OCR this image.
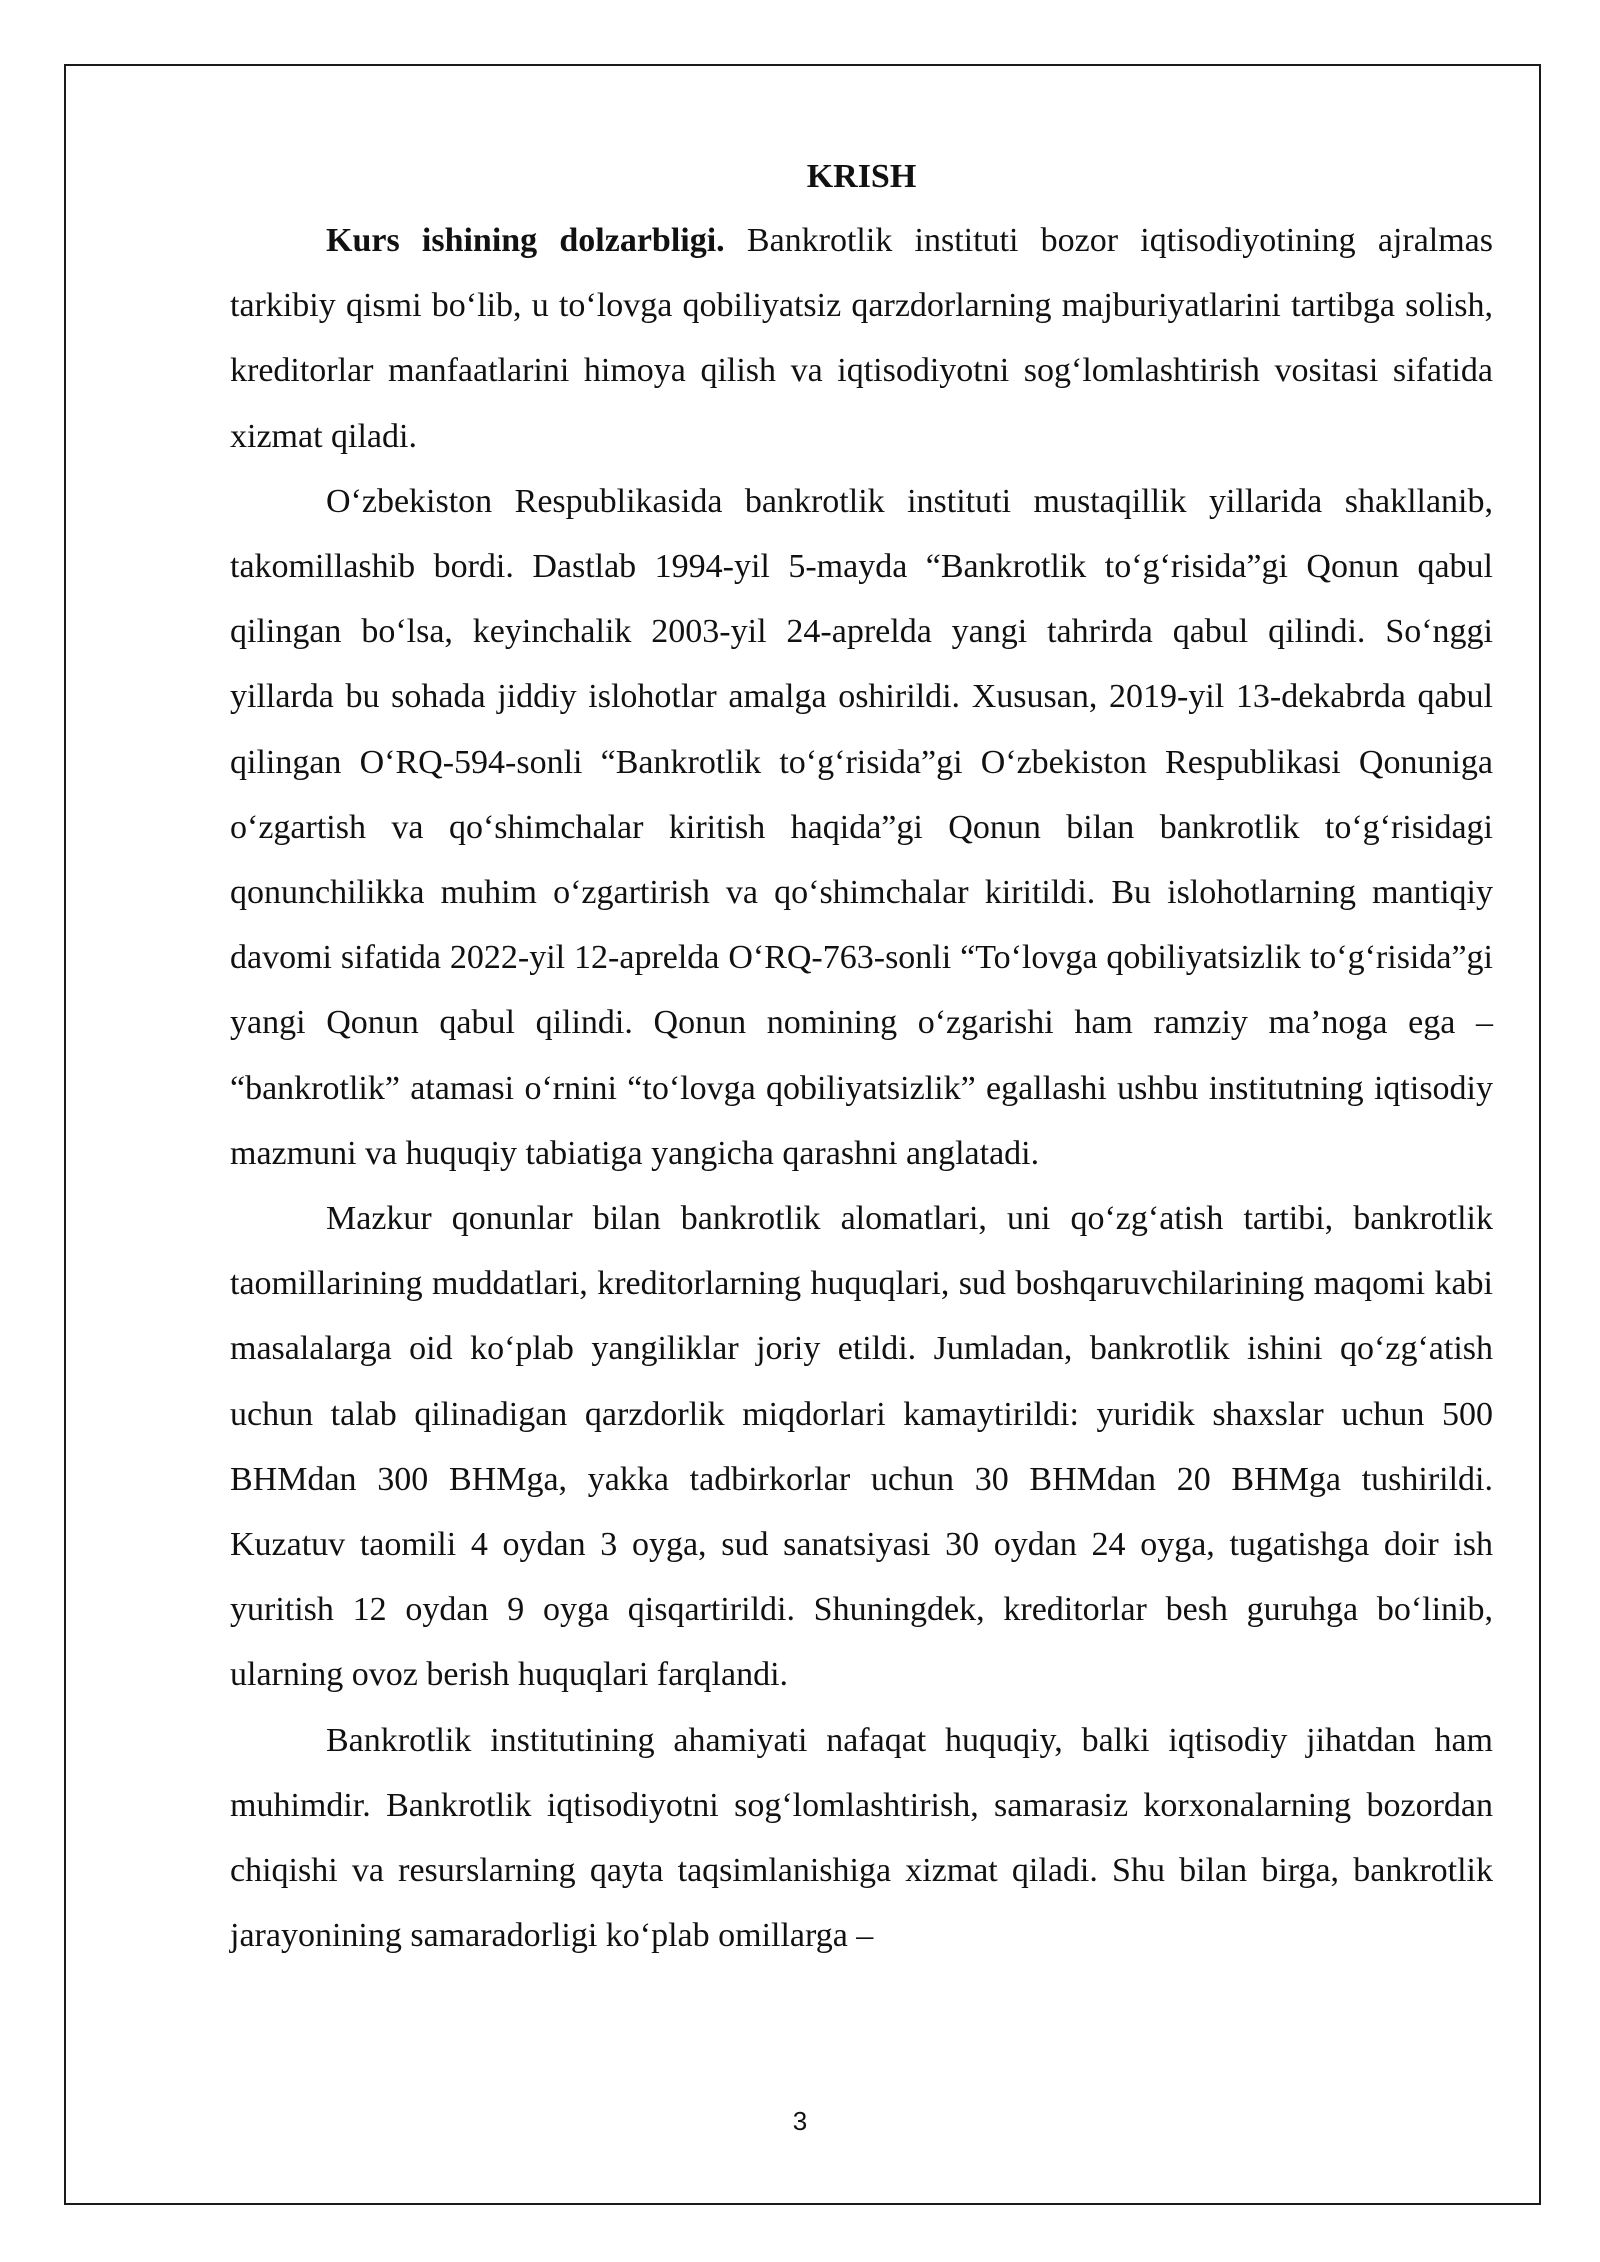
KRISH

Kurs ishining dolzarbligi. Bankrotlik instituti bozor iqtisodiyotining ajralmas tarkibiy qismi bo‘lib, u to‘lovga qobiliyatsiz qarzdorlarning majburiyatlarini tartibga solish, kreditorlar manfaatlarini himoya qilish va iqtisodiyotni sog‘lomlashtirish vositasi sifatida xizmat qiladi.

O‘zbekiston Respublikasida bankrotlik instituti mustaqillik yillarida shakllanib, takomillashib bordi. Dastlab 1994-yil 5-mayda “Bankrotlik to‘g‘risida”gi Qonun qabul qilingan bo‘lsa, keyinchalik 2003-yil 24-aprelda yangi tahrirda qabul qilindi. So‘nggi yillarda bu sohada jiddiy islohotlar amalga oshirildi. Xususan, 2019-yil 13-dekabrda qabul qilingan O‘RQ-594-sonli “Bankrotlik to‘g‘risida”gi O‘zbekiston Respublikasi Qonuniga o‘zgartish va qo‘shimchalar kiritish haqida”gi Qonun bilan bankrotlik to‘g‘risidagi qonunchilikka muhim o‘zgartirish va qo‘shimchalar kiritildi. Bu islohotlarning mantiqiy davomi sifatida 2022-yil 12-aprelda O‘RQ-763-sonli “To‘lovga qobiliyatsizlik to‘g‘risida”gi yangi Qonun qabul qilindi. Qonun nomining o‘zgarishi ham ramziy ma’noga ega – “bankrotlik” atamasi o‘rnini “to‘lovga qobiliyatsizlik” egallashi ushbu institutning iqtisodiy mazmuni va huquqiy tabiatiga yangicha qarashni anglatadi.

Mazkur qonunlar bilan bankrotlik alomatlari, uni qo‘zg‘atish tartibi, bankrotlik taomillarining muddatlari, kreditorlarning huquqlari, sud boshqaruvchilarining maqomi kabi masalalarga oid ko‘plab yangiliklar joriy etildi. Jumladan, bankrotlik ishini qo‘zg‘atish uchun talab qilinadigan qarzdorlik miqdorlari kamaytirildi: yuridik shaxslar uchun 500 BHMdan 300 BHMga, yakka tadbirkorlar uchun 30 BHMdan 20 BHMga tushirildi. Kuzatuv taomili 4 oydan 3 oyga, sud sanatsiyasi 30 oydan 24 oyga, tugatishga doir ish yuritish 12 oydan 9 oyga qisqartirildi. Shuningdek, kreditorlar besh guruhga bo‘linib, ularning ovoz berish huquqlari farqlandi.

Bankrotlik institutining ahamiyati nafaqat huquqiy, balki iqtisodiy jihatdan ham muhimdir. Bankrotlik iqtisodiyotni sog‘lomlashtirish, samarasiz korxonalarning bozordan chiqishi va resurslarning qayta taqsimlanishiga xizmat qiladi. Shu bilan birga, bankrotlik jarayonining samaradorligi ko‘plab omillarga –

3
